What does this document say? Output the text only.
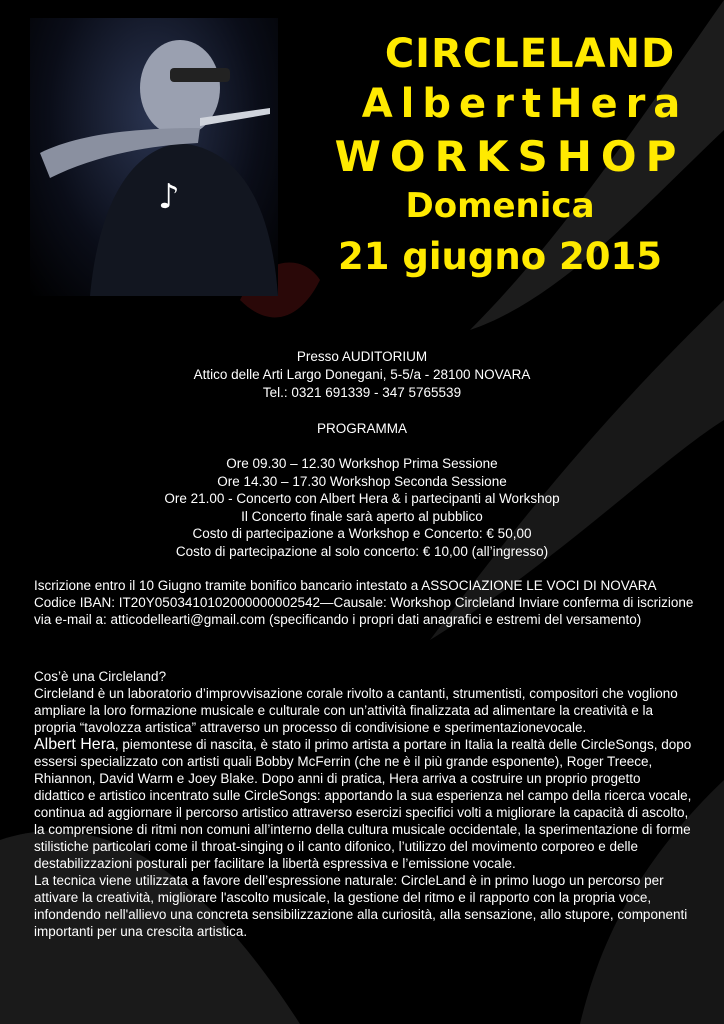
♪
CIRCLELAND
AlbertHera
WORKSHOP
Domenica
21 giugno 2015
Presso AUDITORIUM
Attico delle Arti Largo Donegani, 5-5/a - 28100 NOVARA
Tel.: 0321 691339 - 347 5765539
PROGRAMMA
Ore 09.30 – 12.30 Workshop Prima Sessione
Ore 14.30 – 17.30 Workshop Seconda Sessione
Ore 21.00 - Concerto con Albert Hera & i partecipanti al Workshop
Il Concerto finale sarà aperto al pubblico
Costo di partecipazione a Workshop e Concerto: € 50,00
Costo di partecipazione al solo concerto: € 10,00 (all’ingresso)
Iscrizione entro il 10 Giugno tramite bonifico bancario intestato a ASSOCIAZIONE LE VOCI DI NOVARA Codice IBAN: IT20Y0503410102000000002542—Causale: Workshop Circleland Inviare conferma di iscrizione via e-mail a: atticodellearti@gmail.com (specificando i propri dati anagrafici e estremi del versamento)

Cos’è una Circleland?

Circleland è un laboratorio d’improvvisazione corale rivolto a cantanti, strumentisti, compositori che vogliono ampliare la loro formazione musicale e culturale con un’attività finalizzata ad alimentare la creatività e la propria “tavolozza artistica” attraverso un processo di condivisione e sperimentazionevocale.

Albert Hera, piemontese di nascita, è stato il primo artista a portare in Italia la realtà delle CircleSongs, dopo essersi specializzato con artisti quali Bobby McFerrin (che ne è il più grande esponente), Roger Treece, Rhiannon, David Warm e Joey Blake. Dopo anni di pratica, Hera arriva a costruire un proprio progetto didattico e artistico incentrato sulle CircleSongs: apportando la sua esperienza nel campo della ricerca vocale, continua ad aggiornare il percorso artistico attraverso esercizi specifici volti a migliorare la capacità di ascolto, la comprensione di ritmi non comuni all’interno della cultura musicale occidentale, la sperimentazione di forme stilistiche particolari come il throat-singing o il canto difonico, l’utilizzo del movimento corporeo e delle destabilizzazioni posturali per facilitare la libertà espressiva e l’emissione vocale.

La tecnica viene utilizzata a favore dell’espressione naturale: CircleLand è in primo luogo un percorso per attivare la creatività, migliorare l'ascolto musicale, la gestione del ritmo e il rapporto con la propria voce, infondendo nell'allievo una concreta sensibilizzazione alla curiosità, alla sensazione, allo stupore, componenti importanti per una crescita artistica.
